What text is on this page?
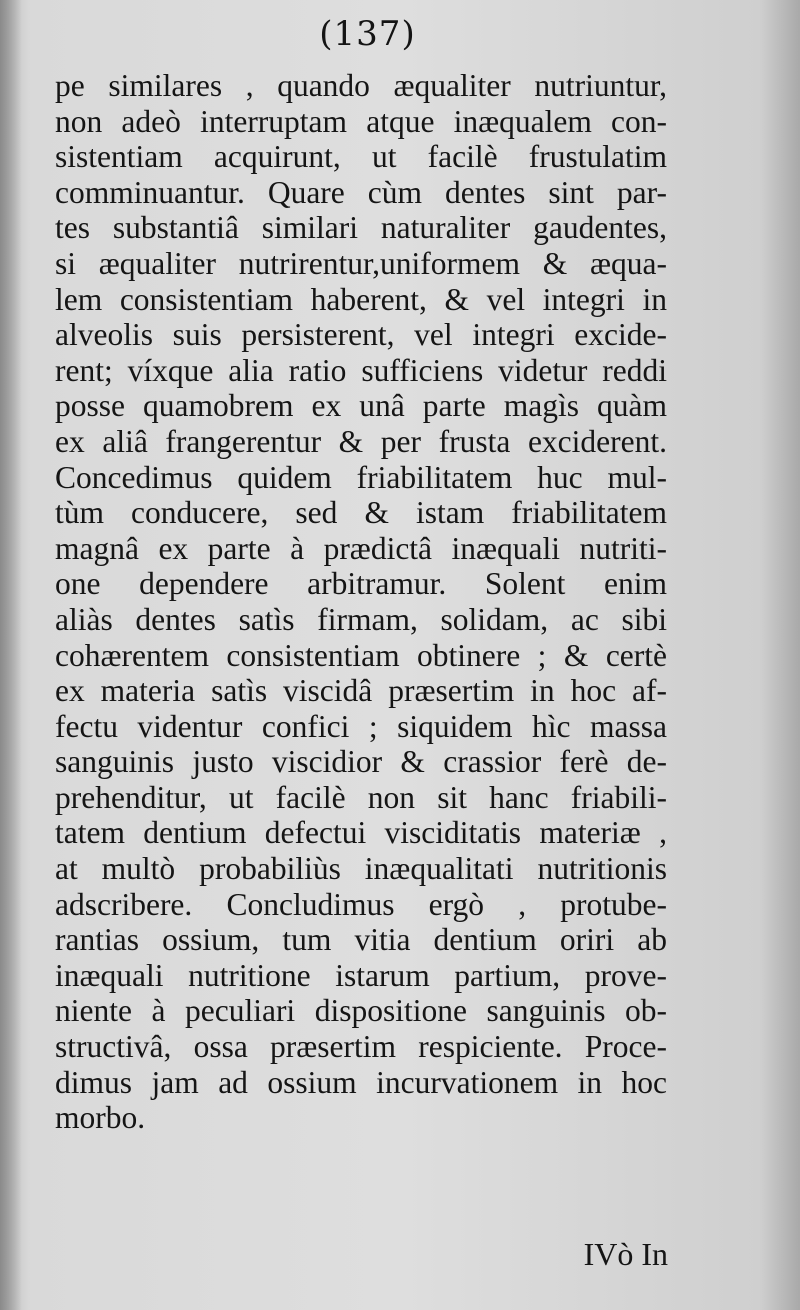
(137)
pe similares , quando æqualiter nutriuntur,
non adeò interruptam atque inæqualem con-
sistentiam acquirunt, ut facilè frustulatim
comminuantur. Quare cùm dentes sint par-
tes substantiâ similari naturaliter gaudentes,
si æqualiter nutrirentur,uniformem & æqua-
lem consistentiam haberent, & vel integri in
alveolis suis persisterent, vel integri excide-
rent; víxque alia ratio sufficiens videtur reddi
posse quamobrem ex unâ parte magìs quàm
ex aliâ frangerentur & per frusta exciderent.
Concedimus quidem friabilitatem huc mul-
tùm conducere, sed & istam friabilitatem
magnâ ex parte à prædictâ inæquali nutriti-
one dependere arbitramur. Solent enim
aliàs dentes satìs firmam, solidam, ac sibi
cohærentem consistentiam obtinere ; & certè
ex materia satìs viscidâ præsertim in hoc af-
fectu videntur confici ; siquidem hìc massa
sanguinis justo viscidior & crassior ferè de-
prehenditur, ut facilè non sit hanc friabili-
tatem dentium defectui visciditatis materiæ ,
at multò probabiliùs inæqualitati nutritionis
adscribere. Concludimus ergò , protube-
rantias ossium, tum vitia dentium oriri ab
inæquali nutritione istarum partium, prove-
niente à peculiari dispositione sanguinis ob-
structivâ, ossa præsertim respiciente. Proce-
dimus jam ad ossium incurvationem in hoc
morbo.
IVò In
